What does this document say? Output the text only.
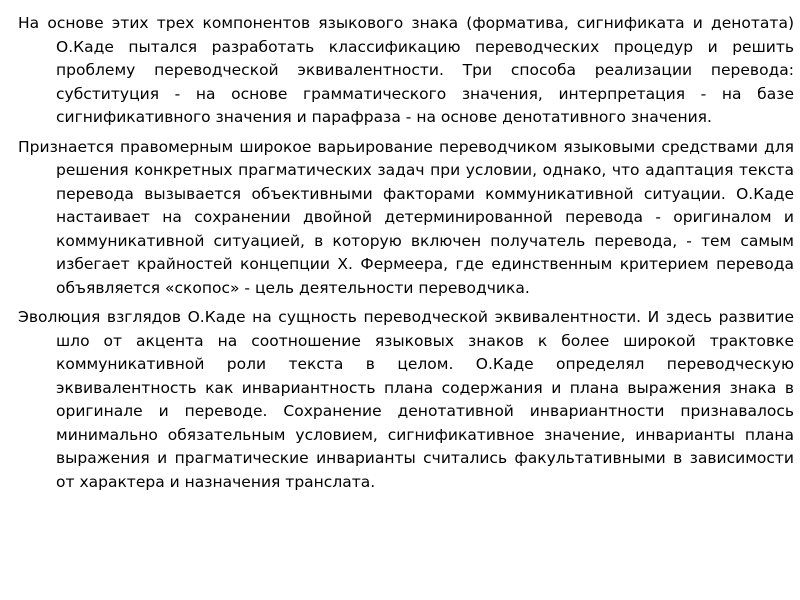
На основе этих трех компонентов языкового знака (форматива, сигнификата и денотата) О.Каде пытался разработать классификацию переводческих процедур и решить проблему переводческой эквивалентности. Три способа реализации перевода: субституция - на основе грамматического значения, интерпретация - на базе сигнификативного значения и парафраза - на основе денотативного значения.

Признается правомерным широкое варьирование переводчиком языковыми средствами для решения конкретных прагматических задач при условии, однако, что адаптация текста перевода вызывается объективными факторами коммуникативной ситуации. О.Каде настаивает на сохранении двойной детерминированной перевода - оригиналом и коммуникативной ситуацией, в которую включен получатель перевода, - тем самым избегает крайностей концепции Х. Фермеера, где единственным критерием перевода объявляется «скопос» - цель деятельности переводчика.

Эволюция взглядов О.Каде на сущность переводческой эквивалентности. И здесь развитие шло от акцента на соотношение языковых знаков к более широкой трактовке коммуникативной роли текста в целом. О.Каде определял переводческую эквивалентность как инвариантность плана содержания и плана выражения знака в оригинале и переводе. Сохранение денотативной инвариантности признавалось минимально обязательным условием, сигнификативное значение, инварианты плана выражения и прагматические инварианты считались факультативными в зависимости от характера и назначения транслата.
